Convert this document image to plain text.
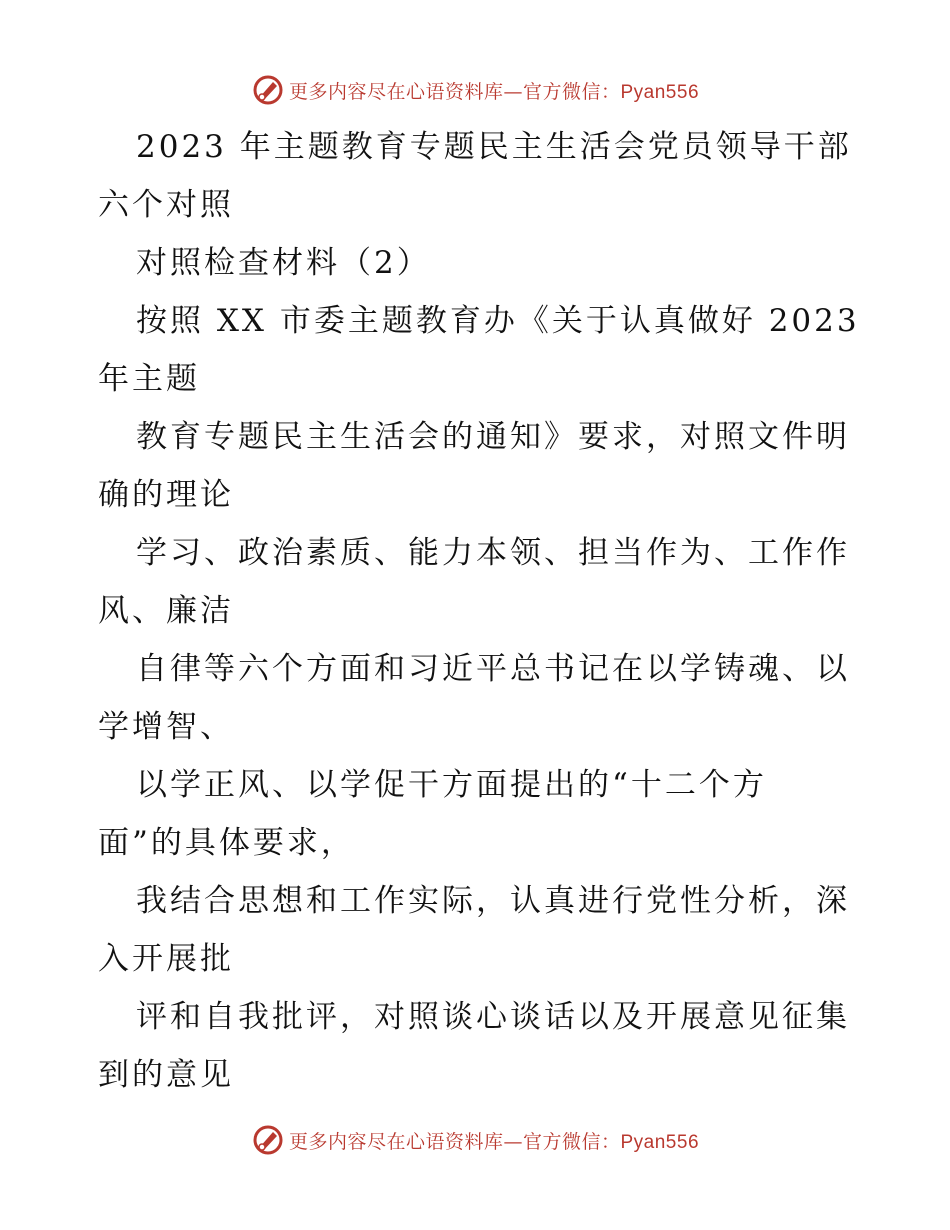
更多内容尽在心语资料库—官方微信：Pyan556

2023 年主题教育专题民主生活会党员领导干部

六个对照

对照检查材料（2）

按照 XX 市委主题教育办《关于认真做好 2023

年主题

教育专题民主生活会的通知》要求，对照文件明

确的理论

学习、政治素质、能力本领、担当作为、工作作

风、廉洁

自律等六个方面和习近平总书记在以学铸魂、以

学增智、

以学正风、以学促干方面提出的“十二个方

面”的具体要求，

我结合思想和工作实际，认真进行党性分析，深

入开展批

评和自我批评，对照谈心谈话以及开展意见征集

到的意见

更多内容尽在心语资料库—官方微信：Pyan556
